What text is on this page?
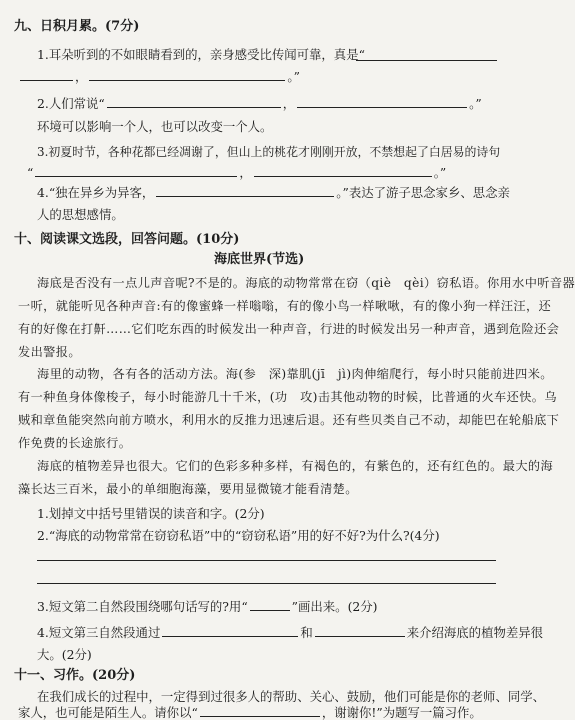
九、日积月累。(7分)
1.耳朵听到的不如眼睛看到的，亲身感受比传闻可靠，真是“
，	。”
2.人们常说“	，	。”
环境可以影响一个人，也可以改变一个人。
3.初夏时节，各种花都已经凋谢了，但山上的桃花才刚刚开放，不禁想起了白居易的诗句
“	，	。”
4.“独在异乡为异客，	。”表达了游子思念家乡、思念亲
人的思想感情。
十、阅读课文选段，回答问题。(10分)
海底世界(节选)
海底是否没有一点儿声音呢?不是的。海底的动物常常在窃（qiè　qèi）窃私语。你用水中听音器
一听，就能听见各种声音:有的像蜜蜂一样嗡嗡，有的像小鸟一样啾啾，有的像小狗一样汪汪，还
有的好像在打鼾……它们吃东西的时候发出一种声音，行进的时候发出另一种声音，遇到危险还会
发出警报。
海里的动物，各有各的活动方法。海(参　深)靠肌(jī　jì)肉伸缩爬行，每小时只能前进四米。
有一种鱼身体像梭子，每小时能游几十千米，(功　攻)击其他动物的时候，比普通的火车还快。乌
贼和章鱼能突然向前方喷水，利用水的反推力迅速后退。还有些贝类自己不动，却能巴在轮船底下
作免费的长途旅行。
海底的植物差异也很大。它们的色彩多种多样，有褐色的，有紫色的，还有红色的。最大的海
藻长达三百米，最小的单细胞海藻，要用显微镜才能看清楚。
1.划掉文中括号里错误的读音和字。(2分)
2.“海底的动物常常在窃窃私语”中的“窃窃私语”用的好不好?为什么?(4分)
3.短文第二自然段围绕哪句话写的?用“	”画出来。(2分)
4.短文第三自然段通过	和	来介绍海底的植物差异很
大。(2分)
十一、习作。(20分)
在我们成长的过程中，一定得到过很多人的帮助、关心、鼓励，他们可能是你的老师、同学、
家人，也可能是陌生人。请你以“	，谢谢你!”为题写一篇习作。
